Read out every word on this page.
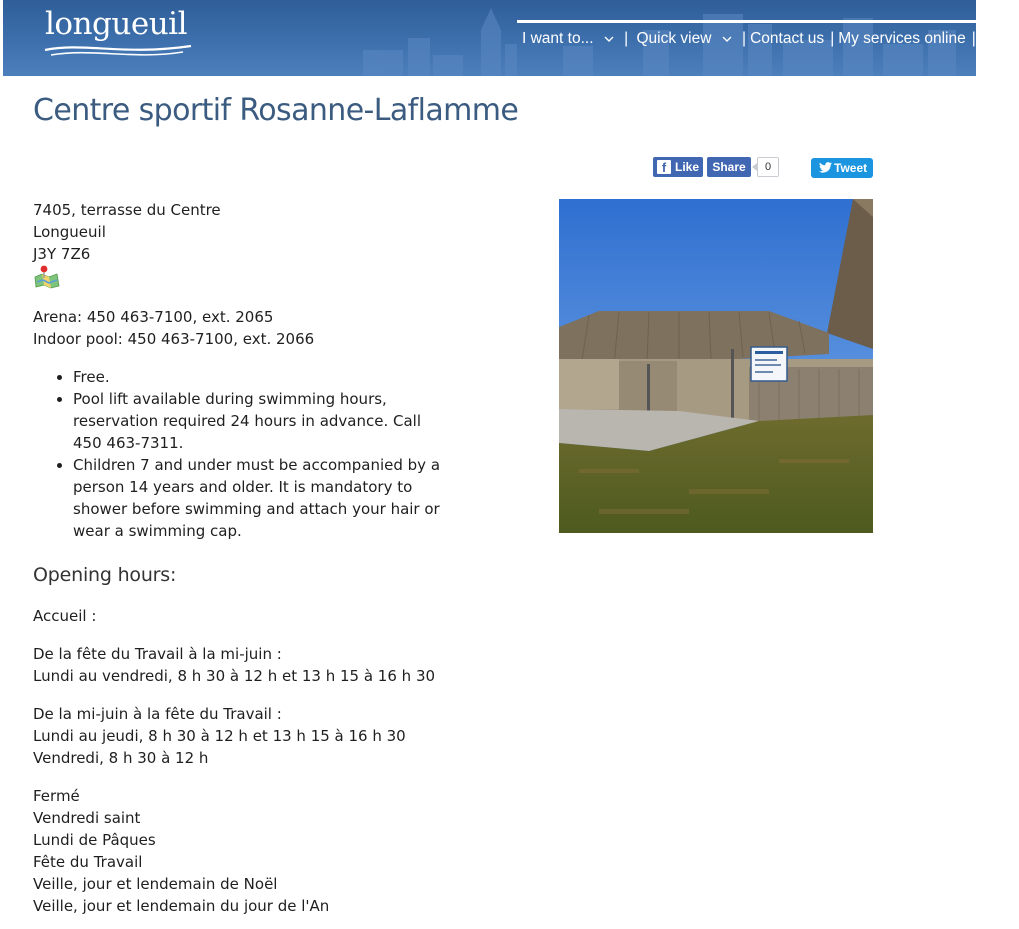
longueuil	I want to... | Quick view | Contact us | My services online | Press
Centre sportif Rosanne-Laflamme
f Like	Share	0	Tweet
7405, terrasse du Centre
Longueuil
J3Y 7Z6
Arena: 450 463-7100, ext. 2065
Indoor pool: 450 463-7100, ext. 2066
• Free.
• Pool lift available during swimming hours, reservation required 24 hours in advance. Call 450 463-7311.
• Children 7 and under must be accompanied by a person 14 years and older. It is mandatory to shower before swimming and attach your hair or wear a swimming cap.
Opening hours:
Accueil :
De la fête du Travail à la mi-juin :
Lundi au vendredi, 8 h 30 à 12 h et 13 h 15 à 16 h 30
De la mi-juin à la fête du Travail :
Lundi au jeudi, 8 h 30 à 12 h et 13 h 15 à 16 h 30
Vendredi, 8 h 30 à 12 h
Fermé
Vendredi saint
Lundi de Pâques
Fête du Travail
Veille, jour et lendemain de Noël
Veille, jour et lendemain du jour de l'An
